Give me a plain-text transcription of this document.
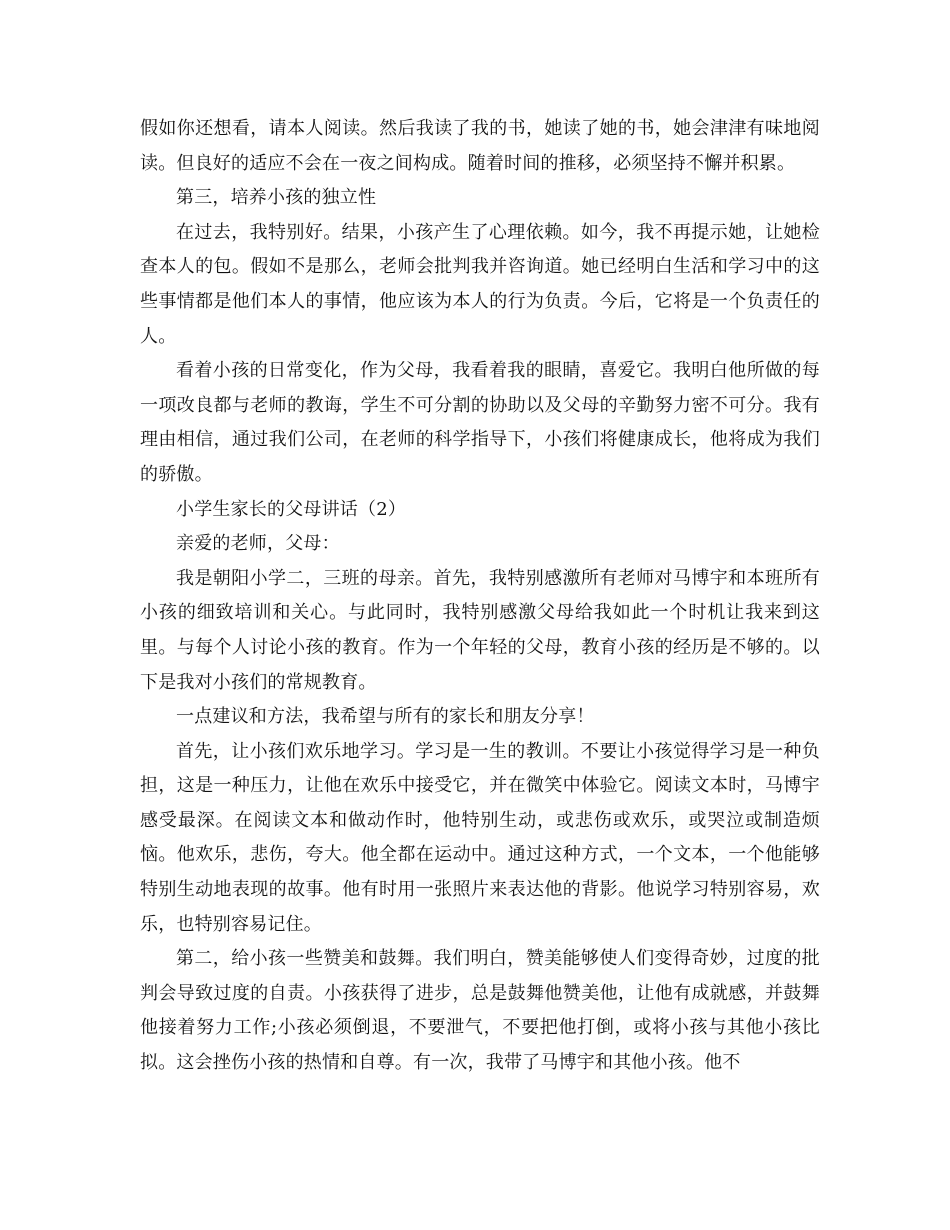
假如你还想看，请本人阅读。然后我读了我的书，她读了她的书，她会津津有味地阅读。但良好的适应不会在一夜之间构成。随着时间的推移，必须坚持不懈并积累。

第三，培养小孩的独立性

在过去，我特别好。结果，小孩产生了心理依赖。如今，我不再提示她，让她检查本人的包。假如不是那么，老师会批判我并咨询道。她已经明白生活和学习中的这些事情都是他们本人的事情，他应该为本人的行为负责。今后，它将是一个负责任的人。

看着小孩的日常变化，作为父母，我看着我的眼睛，喜爱它。我明白他所做的每一项改良都与老师的教诲，学生不可分割的协助以及父母的辛勤努力密不可分。我有理由相信，通过我们公司，在老师的科学指导下，小孩们将健康成长，他将成为我们的骄傲。

小学生家长的父母讲话（2）

亲爱的老师，父母：

我是朝阳小学二，三班的母亲。首先，我特别感激所有老师对马博宇和本班所有小孩的细致培训和关心。与此同时，我特别感激父母给我如此一个时机让我来到这里。与每个人讨论小孩的教育。作为一个年轻的父母，教育小孩的经历是不够的。以下是我对小孩们的常规教育。

一点建议和方法，我希望与所有的家长和朋友分享！

首先，让小孩们欢乐地学习。学习是一生的教训。不要让小孩觉得学习是一种负担，这是一种压力，让他在欢乐中接受它，并在微笑中体验它。阅读文本时，马博宇感受最深。在阅读文本和做动作时，他特别生动，或悲伤或欢乐，或哭泣或制造烦恼。他欢乐，悲伤，夸大。他全都在运动中。通过这种方式，一个文本，一个他能够特别生动地表现的故事。他有时用一张照片来表达他的背影。他说学习特别容易，欢乐，也特别容易记住。

第二，给小孩一些赞美和鼓舞。我们明白，赞美能够使人们变得奇妙，过度的批判会导致过度的自责。小孩获得了进步，总是鼓舞他赞美他，让他有成就感，并鼓舞他接着努力工作;小孩必须倒退，不要泄气，不要把他打倒，或将小孩与其他小孩比拟。这会挫伤小孩的热情和自尊。有一次，我带了马博宇和其他小孩。他不
